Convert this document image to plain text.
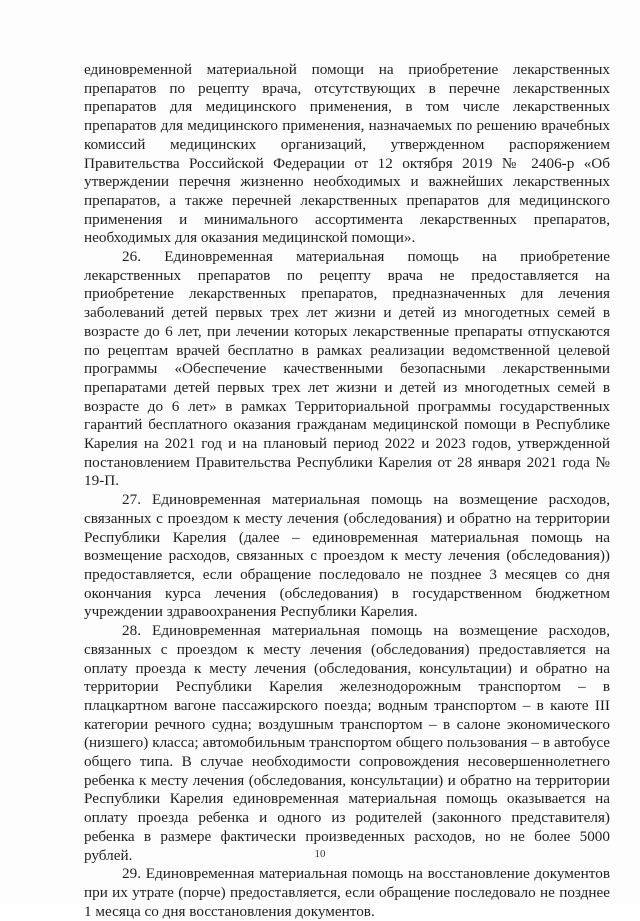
единовременной материальной помощи на приобретение лекарственных препаратов по рецепту врача, отсутствующих в перечне лекарственных препаратов для медицинского применения, в том числе лекарственных препаратов для медицинского применения, назначаемых по решению врачебных комиссий медицинских организаций, утвержденном распоряжением Правительства Российской Федерации от 12 октября 2019 № 2406-р «Об утверждении перечня жизненно необходимых и важнейших лекарственных препаратов, а также перечней лекарственных препаратов для медицинского применения и минимального ассортимента лекарственных препаратов, необходимых для оказания медицинской помощи».

26. Единовременная материальная помощь на приобретение лекарственных препаратов по рецепту врача не предоставляется на приобретение лекарственных препаратов, предназначенных для лечения заболеваний детей первых трех лет жизни и детей из многодетных семей в возрасте до 6 лет, при лечении которых лекарственные препараты отпускаются по рецептам врачей бесплатно в рамках реализации ведомственной целевой программы «Обеспечение качественными безопасными лекарственными препаратами детей первых трех лет жизни и детей из многодетных семей в возрасте до 6 лет» в рамках Территориальной программы государственных гарантий бесплатного оказания гражданам медицинской помощи в Республике Карелия на 2021 год и на плановый период 2022 и 2023 годов, утвержденной постановлением Правительства Республики Карелия от 28 января 2021 года № 19-П.

27. Единовременная материальная помощь на возмещение расходов, связанных с проездом к месту лечения (обследования) и обратно на территории Республики Карелия (далее – единовременная материальная помощь на возмещение расходов, связанных с проездом к месту лечения (обследования)) предоставляется, если обращение последовало не позднее 3 месяцев со дня окончания курса лечения (обследования) в государственном бюджетном учреждении здравоохранения Республики Карелия.

28. Единовременная материальная помощь на возмещение расходов, связанных с проездом к месту лечения (обследования) предоставляется на оплату проезда к месту лечения (обследования, консультации) и обратно на территории Республики Карелия железнодорожным транспортом – в плацкартном вагоне пассажирского поезда; водным транспортом – в каюте III категории речного судна; воздушным транспортом – в салоне экономического (низшего) класса; автомобильным транспортом общего пользования – в автобусе общего типа. В случае необходимости сопровождения несовершеннолетнего ребенка к месту лечения (обследования, консультации) и обратно на территории Республики Карелия единовременная материальная помощь оказывается на оплату проезда ребенка и одного из родителей (законного представителя) ребенка в размере фактически произведенных расходов, но не более 5000 рублей.

29. Единовременная материальная помощь на восстановление документов при их утрате (порче) предоставляется, если обращение последовало не позднее 1 месяца со дня восстановления документов.

10
